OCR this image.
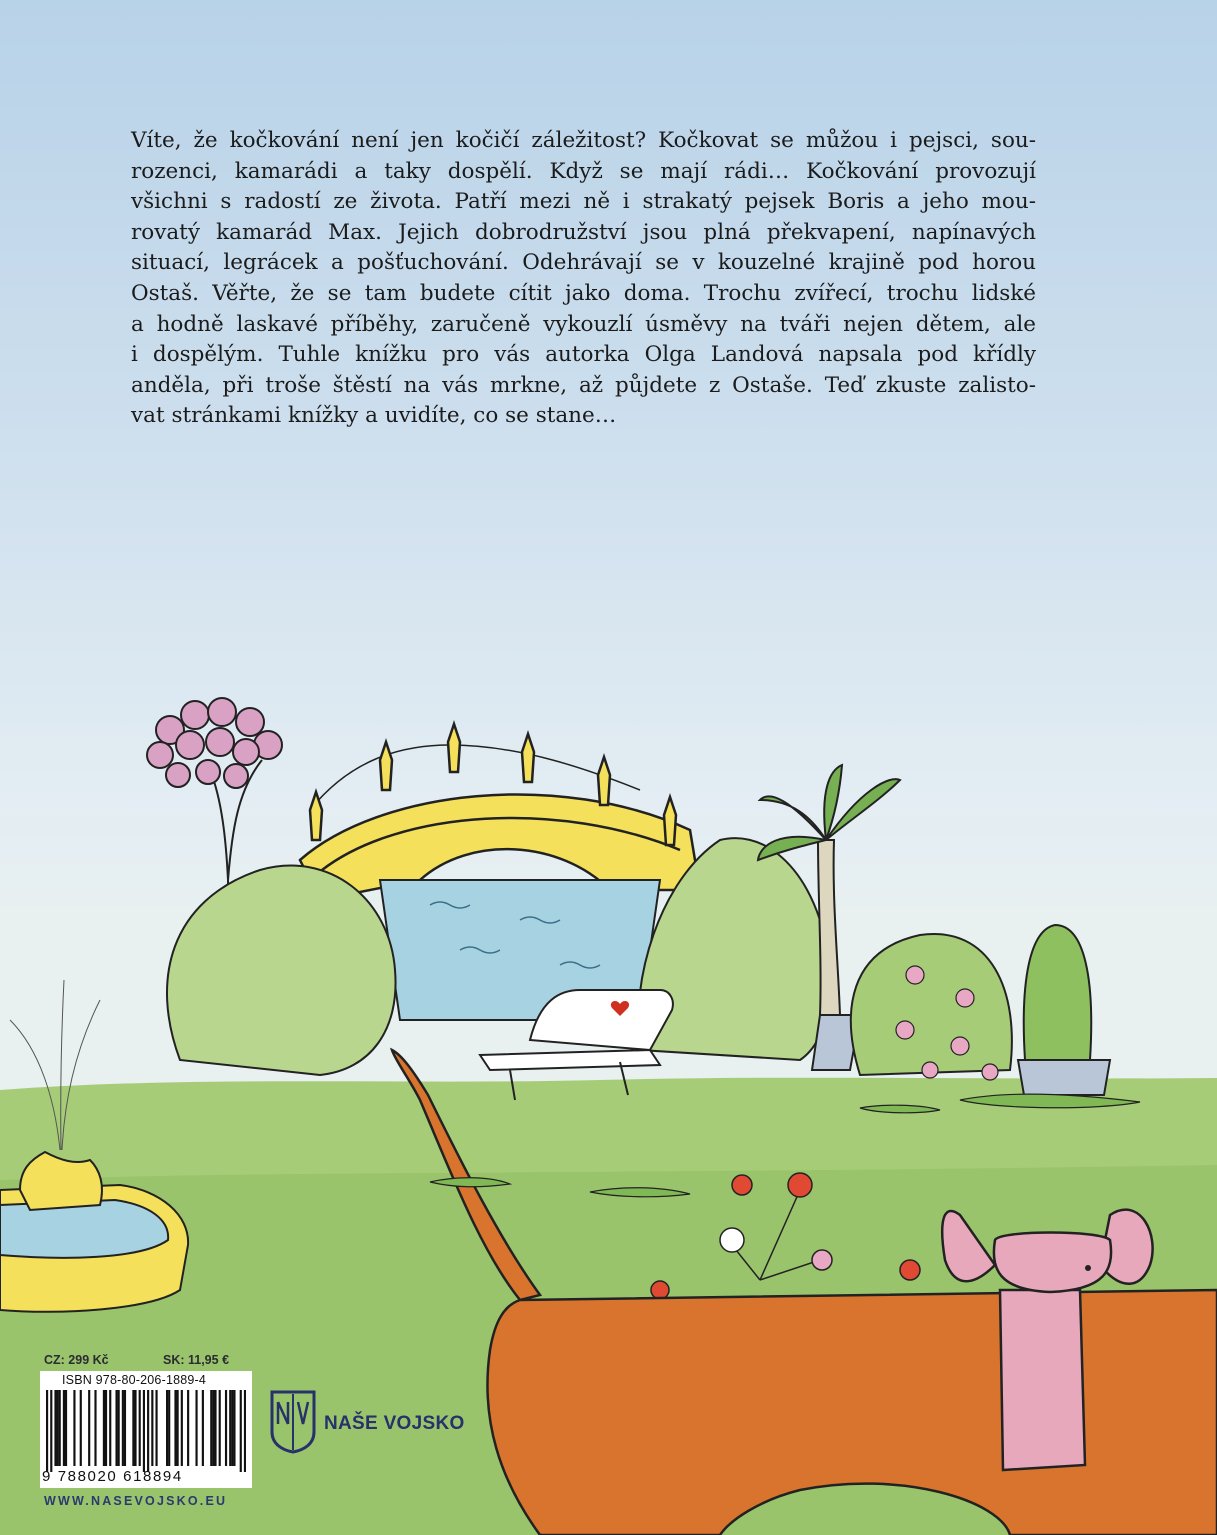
Víte, že kočkování není jen kočičí záležitost? Kočkovat se můžou i pejsci, sou-
rozenci, kamarádi a taky dospělí. Když se mají rádi… Kočkování provozují
všichni s radostí ze života. Patří mezi ně i strakatý pejsek Boris a jeho mou-
rovatý kamarád Max. Jejich dobrodružství jsou plná překvapení, napínavých
situací, legrácek a pošťuchování. Odehrávají se v kouzelné krajině pod horou
Ostaš. Věřte, že se tam budete cítit jako doma. Trochu zvířecí, trochu lidské
a hodně laskavé příběhy, zaručeně vykouzlí úsměvy na tváři nejen dětem, ale
i dospělým. Tuhle knížku pro vás autorka Olga Landová napsala pod křídly
anděla, při troše štěstí na vás mrkne, až půjdete z Ostaše. Teď zkuste zalisto-
vat stránkami knížky a uvidíte, co se stane…

CZ: 299 Kč	SK: 11,95 €
ISBN 978-80-206-1889-4
9 788020 618894
NAŠE VOJSKO
WWW.NASEVOJSKO.EU
